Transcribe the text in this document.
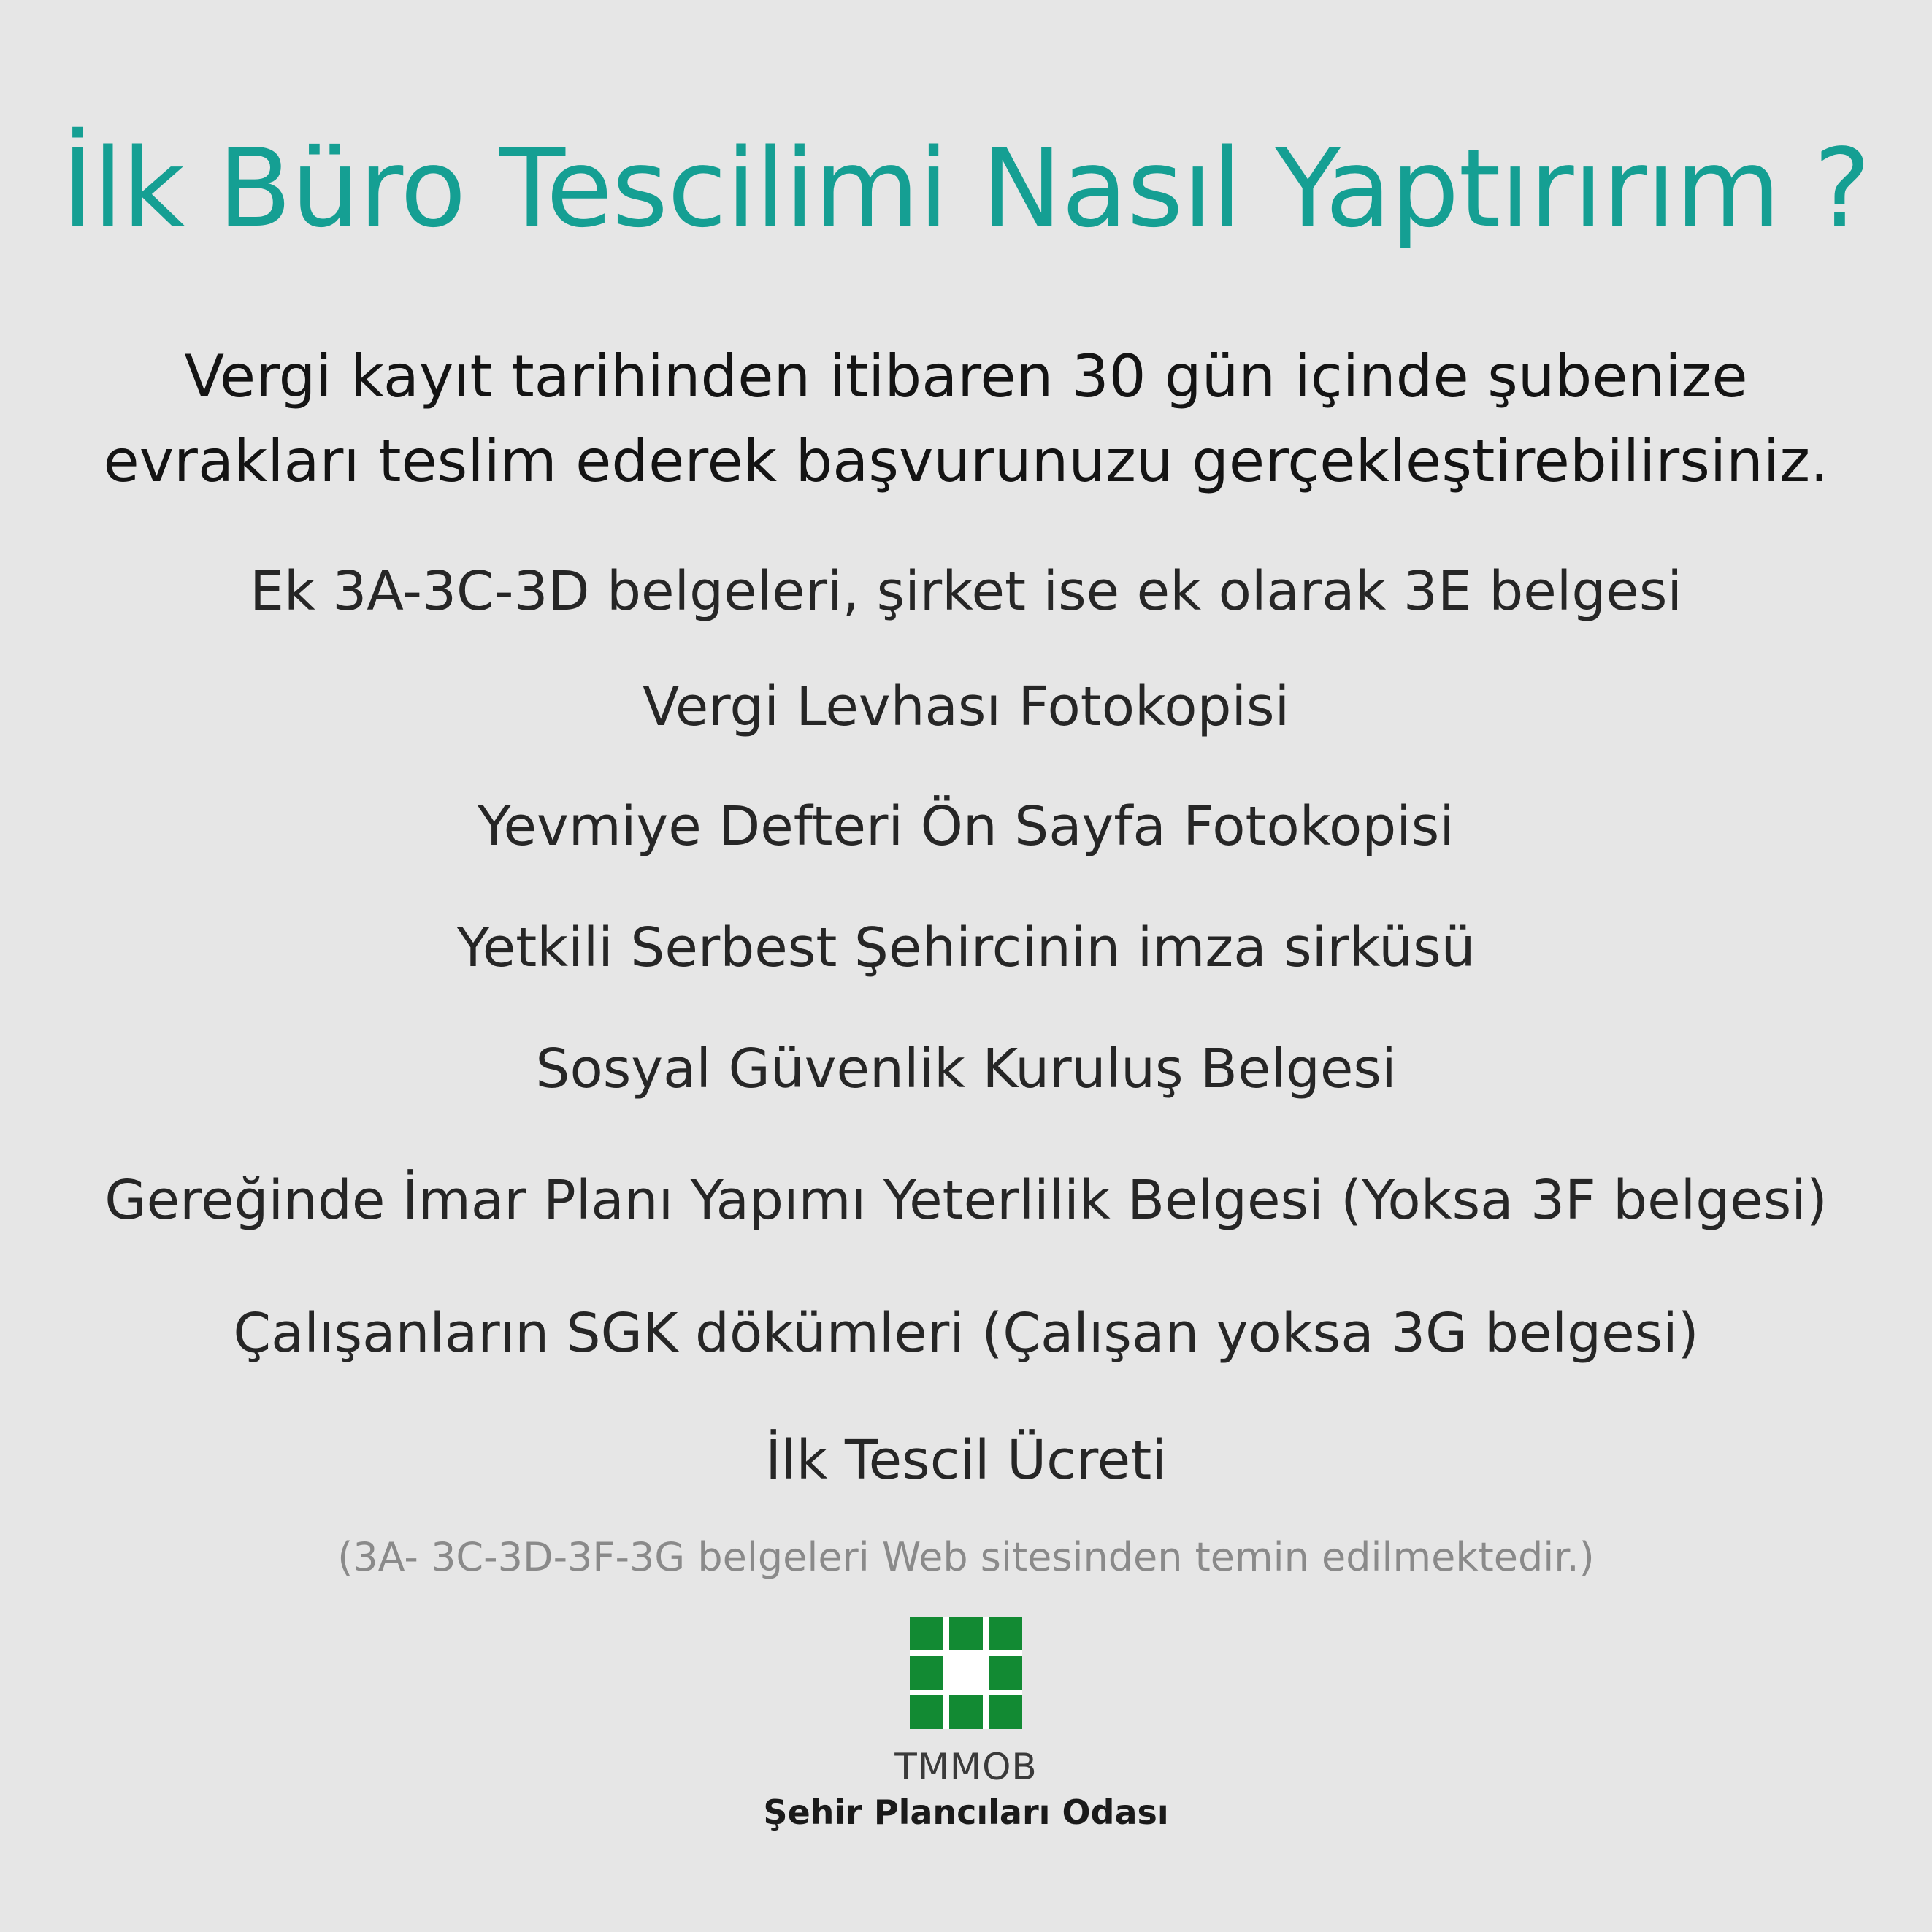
İlk Büro Tescilimi Nasıl Yaptırırım ?
Vergi kayıt tarihinden itibaren 30 gün içinde şubenize
evrakları teslim ederek başvurunuzu gerçekleştirebilirsiniz.
Ek 3A-3C-3D belgeleri, şirket ise ek olarak 3E belgesi
Vergi Levhası Fotokopisi
Yevmiye Defteri Ön Sayfa Fotokopisi
Yetkili Serbest Şehircinin imza sirküsü
Sosyal Güvenlik Kuruluş Belgesi
Gereğinde İmar Planı Yapımı Yeterlilik Belgesi (Yoksa 3F belgesi)
Çalışanların SGK dökümleri (Çalışan yoksa 3G belgesi)
İlk Tescil Ücreti
(3A- 3C-3D-3F-3G belgeleri Web sitesinden temin edilmektedir.)
TMMOB
Şehir Plancıları Odası
